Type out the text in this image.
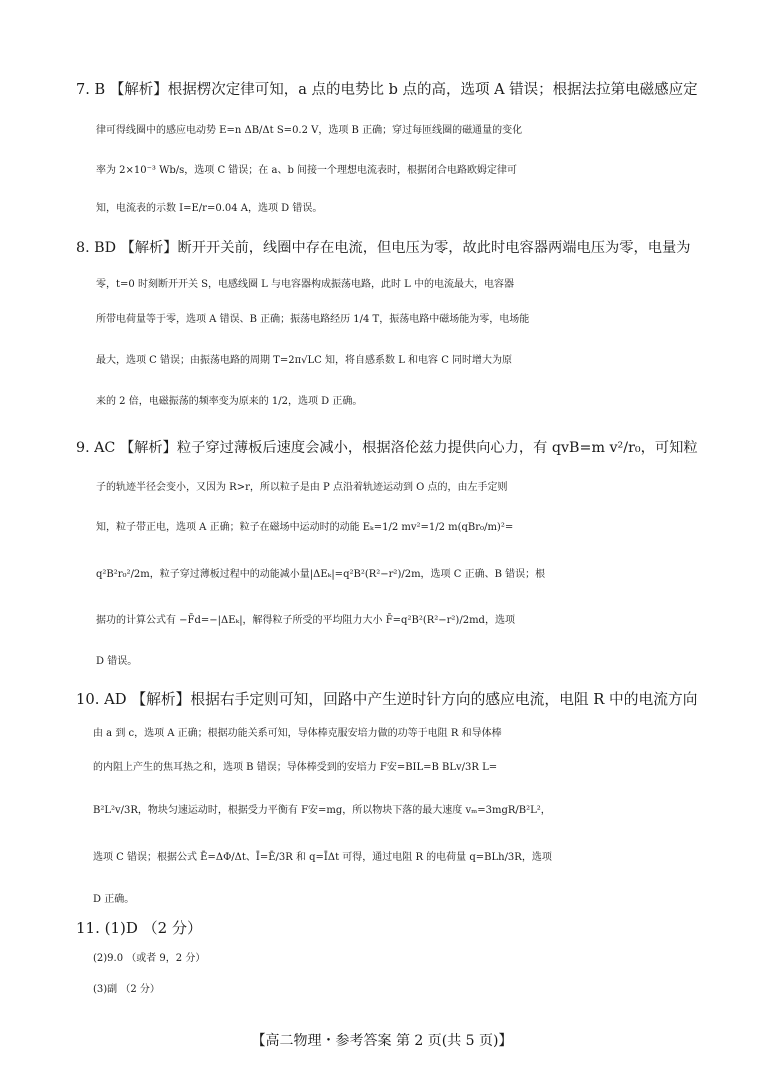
7. B 【解析】根据楞次定律可知，a 点的电势比 b 点的高，选项 A 错误；根据法拉第电磁感应定
律可得线圈中的感应电动势 E=n ΔB/Δt S=0.2 V，选项 B 正确；穿过每匝线圈的磁通量的变化
率为 2×10⁻³ Wb/s，选项 C 错误；在 a、b 间接一个理想电流表时，根据闭合电路欧姆定律可
知，电流表的示数 I=E/r=0.04 A，选项 D 错误。
8. BD 【解析】断开开关前，线圈中存在电流，但电压为零，故此时电容器两端电压为零，电量为
零，t=0 时刻断开开关 S，电感线圈 L 与电容器构成振荡电路，此时 L 中的电流最大，电容器
所带电荷量等于零，选项 A 错误、B 正确；振荡电路经历 1/4 T，振荡电路中磁场能为零，电场能
最大，选项 C 错误；由振荡电路的周期 T=2π√LC 知，将自感系数 L 和电容 C 同时增大为原
来的 2 倍，电磁振荡的频率变为原来的 1/2，选项 D 正确。
9. AC 【解析】粒子穿过薄板后速度会减小，根据洛伦兹力提供向心力，有 qvB=m v²/r₀，可知粒
子的轨迹半径会变小，又因为 R>r，所以粒子是由 P 点沿着轨迹运动到 O 点的，由左手定则
知，粒子带正电，选项 A 正确；粒子在磁场中运动时的动能 Eₖ=1/2 mv²=1/2 m(qBr₀/m)²=
q²B²r₀²/2m，粒子穿过薄板过程中的动能减小量|ΔEₖ|=q²B²(R²−r²)/2m，选项 C 正确、B 错误；根
据功的计算公式有 −F̄d=−|ΔEₖ|，解得粒子所受的平均阻力大小 F̄=q²B²(R²−r²)/2md，选项
D 错误。
10. AD 【解析】根据右手定则可知，回路中产生逆时针方向的感应电流，电阻 R 中的电流方向
由 a 到 c，选项 A 正确；根据功能关系可知，导体棒克服安培力做的功等于电阻 R 和导体棒
的内阻上产生的焦耳热之和，选项 B 错误；导体棒受到的安培力 F安=BIL=B BLv/3R L=
B²L²v/3R，物块匀速运动时，根据受力平衡有 F安=mg，所以物块下落的最大速度 vₘ=3mgR/B²L²，
选项 C 错误；根据公式 Ē=ΔΦ/Δt、Ī=Ē/3R 和 q=ĪΔt 可得，通过电阻 R 的电荷量 q=BLh/3R，选项
D 正确。
11. (1)D （2 分）
(2)9.0 （或者 9，2 分）
(3)副 （2 分）
【高二物理・参考答案 第 2 页(共 5 页)】
